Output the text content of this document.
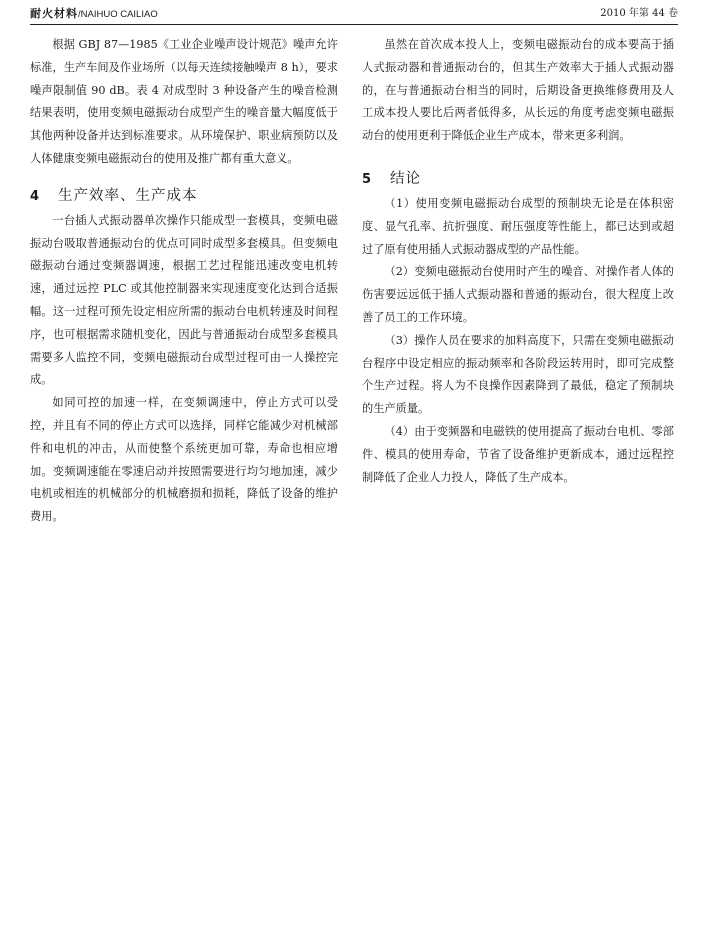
耐火材料/NAIHUO CAILIAO	2010 年第 44 卷

根据 GBJ 87—1985《工业企业噪声设计规范》噪声允许标准，生产车间及作业场所（以每天连续接触噪声 8 h），要求噪声限制值 90 dB。表 4 对成型时 3 种设备产生的噪音检测结果表明，使用变频电磁振动台成型产生的噪音量大幅度低于其他两种设备并达到标准要求。从环境保护、职业病预防以及人体健康变频电磁振动台的使用及推广都有重大意义。

4 生产效率、生产成本

一台插人式振动器单次操作只能成型一套模具，变频电磁振动台吸取普通振动台的优点可同时成型多套模具。但变频电磁振动台通过变频器调速，根据工艺过程能迅速改变电机转速，通过远控 PLC 或其他控制器来实现速度变化达到合适振幅。这一过程可预先设定相应所需的振动台电机转速及时间程序，也可根据需求随机变化，因此与普通振动台成型多套模具需要多人监控不同，变频电磁振动台成型过程可由一人操控完成。

如同可控的加速一样，在变频调速中，停止方式可以受控，并且有不同的停止方式可以选择，同样它能减少对机械部件和电机的冲击，从而使整个系统更加可靠，寿命也相应增加。变频调速能在零速启动并按照需要进行均匀地加速，减少电机或相连的机械部分的机械磨损和损耗，降低了设备的维护费用。

虽然在首次成本投人上，变频电磁振动台的成本要高于插人式振动器和普通振动台的，但其生产效率大于插人式振动器的，在与普通振动台相当的同时，后期设备更换维修费用及人工成本投人要比后两者低得多，从长远的角度考虑变频电磁振动台的使用更利于降低企业生产成本，带来更多利润。

5 结论

（1）使用变频电磁振动台成型的预制块无论是在体积密度、显气孔率、抗折强度、耐压强度等性能上，都已达到或超过了原有使用插人式振动器成型的产品性能。

（2）变频电磁振动台使用时产生的噪音、对操作者人体的伤害要远远低于插人式振动器和普通的振动台，很大程度上改善了员工的工作环境。

（3）操作人员在要求的加料高度下，只需在变频电磁振动台程序中设定相应的振动频率和各阶段运转用时，即可完成整个生产过程。将人为不良操作因素降到了最低，稳定了预制块的生产质量。

（4）由于变频器和电磁铁的使用提高了振动台电机、零部件、模具的使用寿命，节省了设备维护更新成本，通过远程控制降低了企业人力投人，降低了生产成本。
